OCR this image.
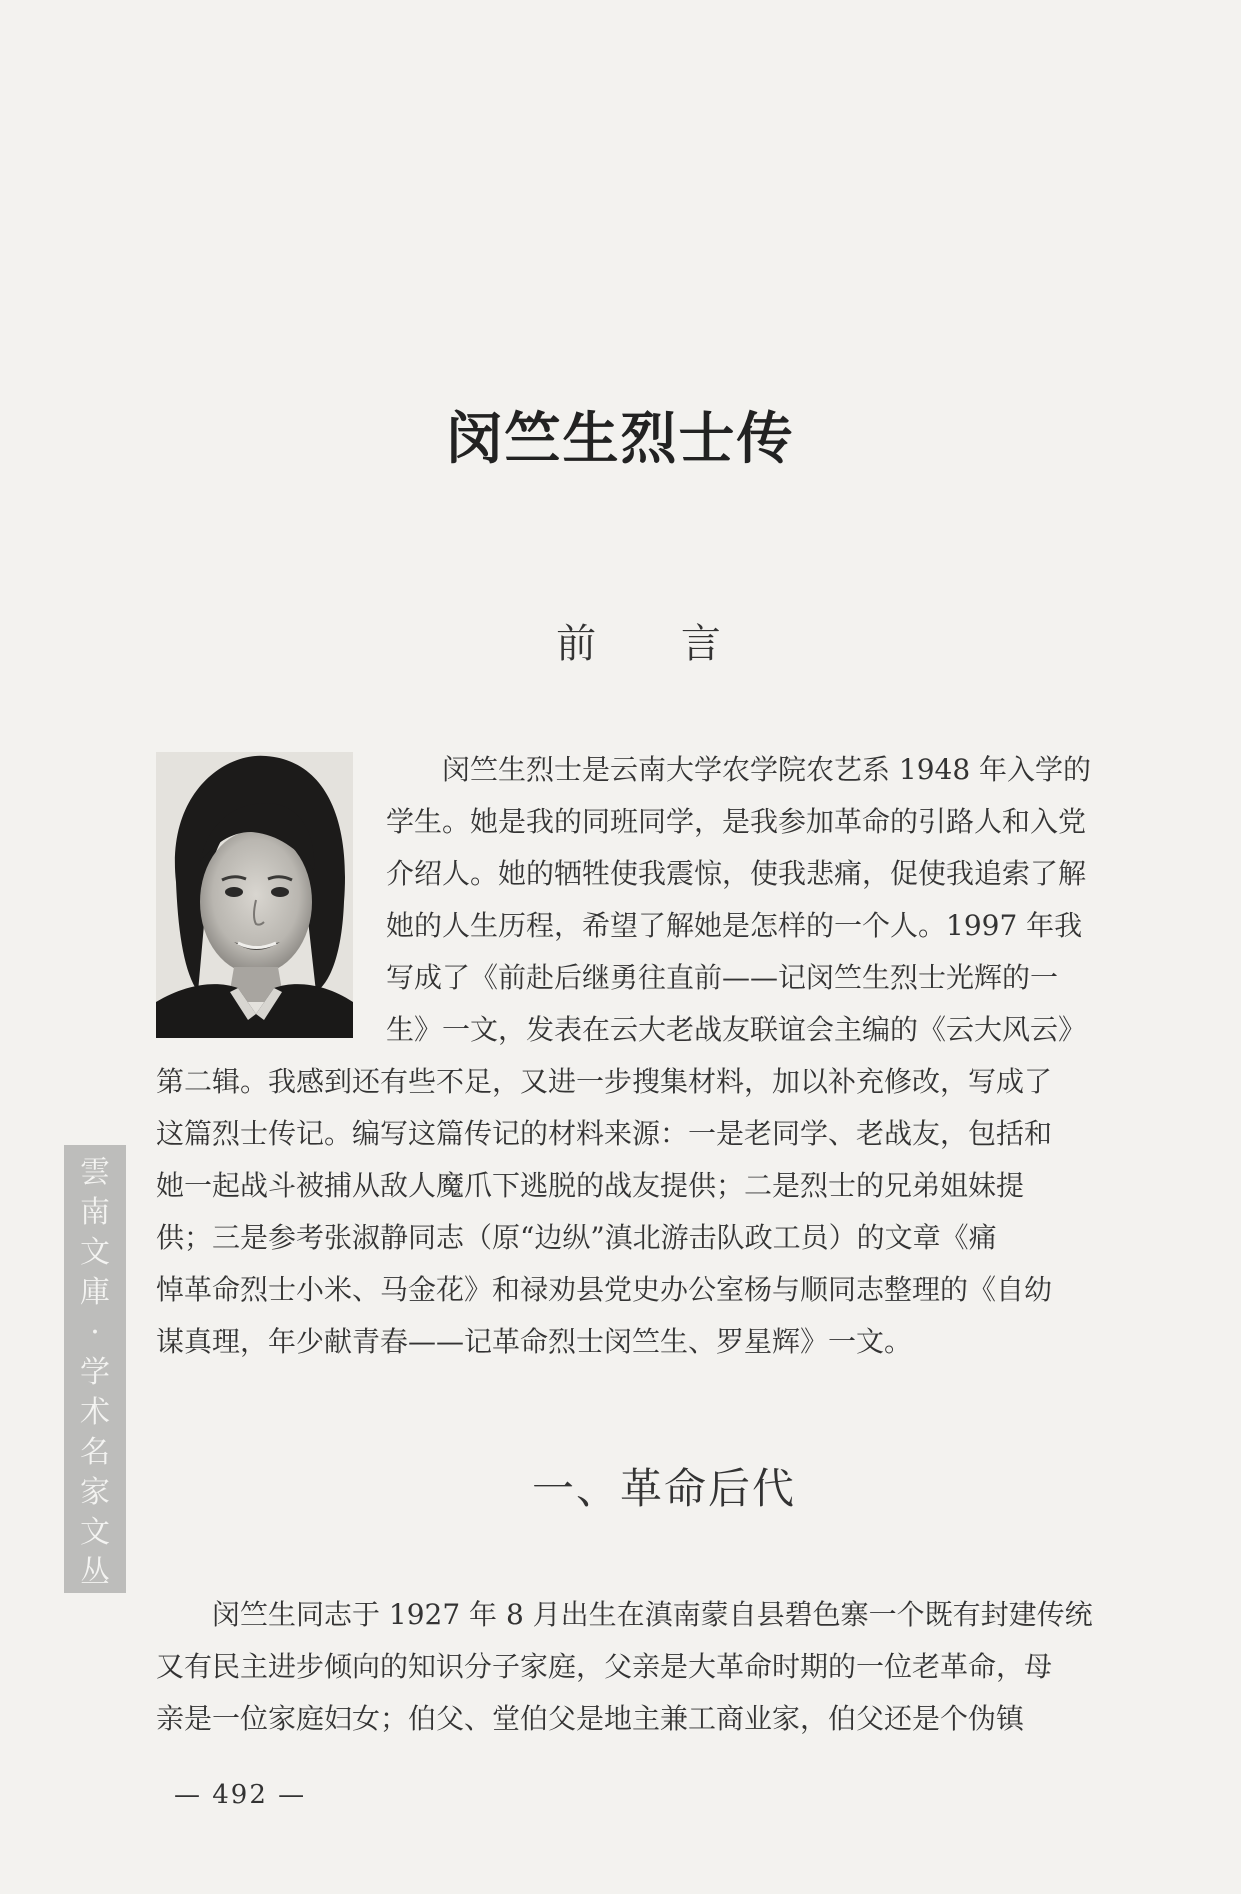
闵竺生烈士传
前 言
　　闵竺生烈士是云南大学农学院农艺系 1948 年入学的
学生。她是我的同班同学，是我参加革命的引路人和入党
介绍人。她的牺牲使我震惊，使我悲痛，促使我追索了解
她的人生历程，希望了解她是怎样的一个人。1997 年我
写成了《前赴后继勇往直前——记闵竺生烈士光辉的一
生》一文，发表在云大老战友联谊会主编的《云大风云》
第二辑。我感到还有些不足，又进一步搜集材料，加以补充修改，写成了
这篇烈士传记。编写这篇传记的材料来源：一是老同学、老战友，包括和
她一起战斗被捕从敌人魔爪下逃脱的战友提供；二是烈士的兄弟姐妹提
供；三是参考张淑静同志（原“边纵”滇北游击队政工员）的文章《痛
悼革命烈士小米、马金花》和禄劝县党史办公室杨与顺同志整理的《自幼
谋真理，年少献青春——记革命烈士闵竺生、罗星辉》一文。
一、革命后代
　　闵竺生同志于 1927 年 8 月出生在滇南蒙自县碧色寨一个既有封建传统
又有民主进步倾向的知识分子家庭，父亲是大革命时期的一位老革命，母
亲是一位家庭妇女；伯父、堂伯父是地主兼工商业家，伯父还是个伪镇
雲
南
文
庫
·
学
术
名
家
文
丛
— 492 —
